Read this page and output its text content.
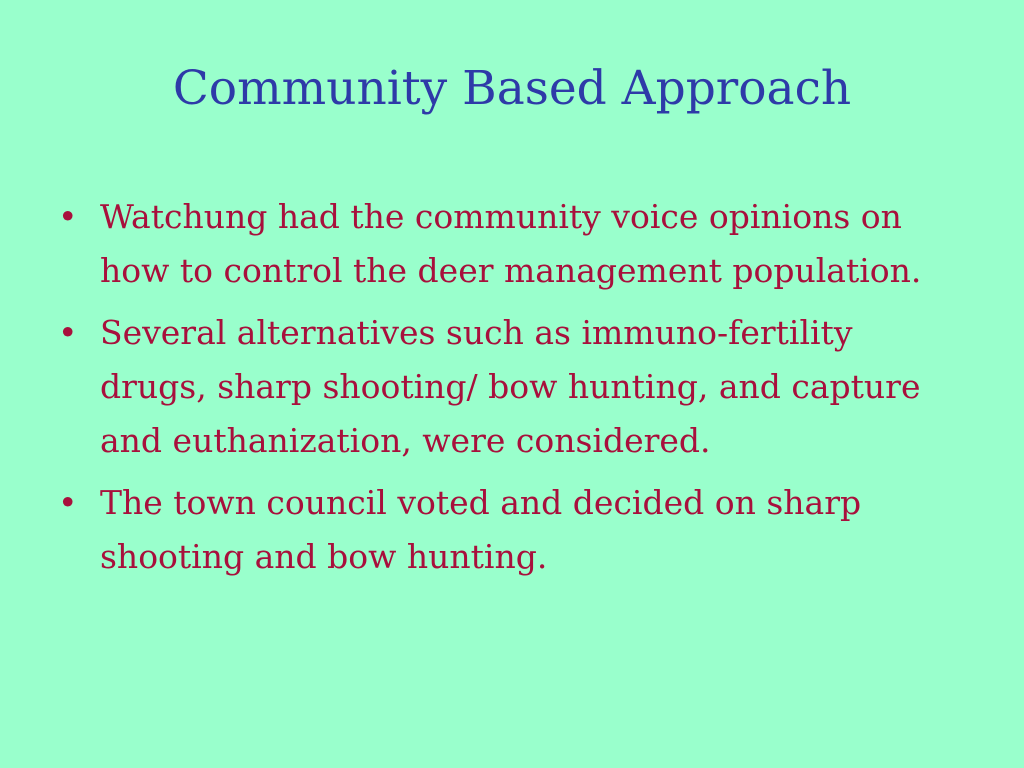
Community Based Approach
• Watchung had the community voice opinions on how to control the deer management population.
• Several alternatives such as immuno-fertility drugs, sharp shooting/ bow hunting, and capture and euthanization, were considered.
• The town council voted and decided on sharp shooting and bow hunting.
